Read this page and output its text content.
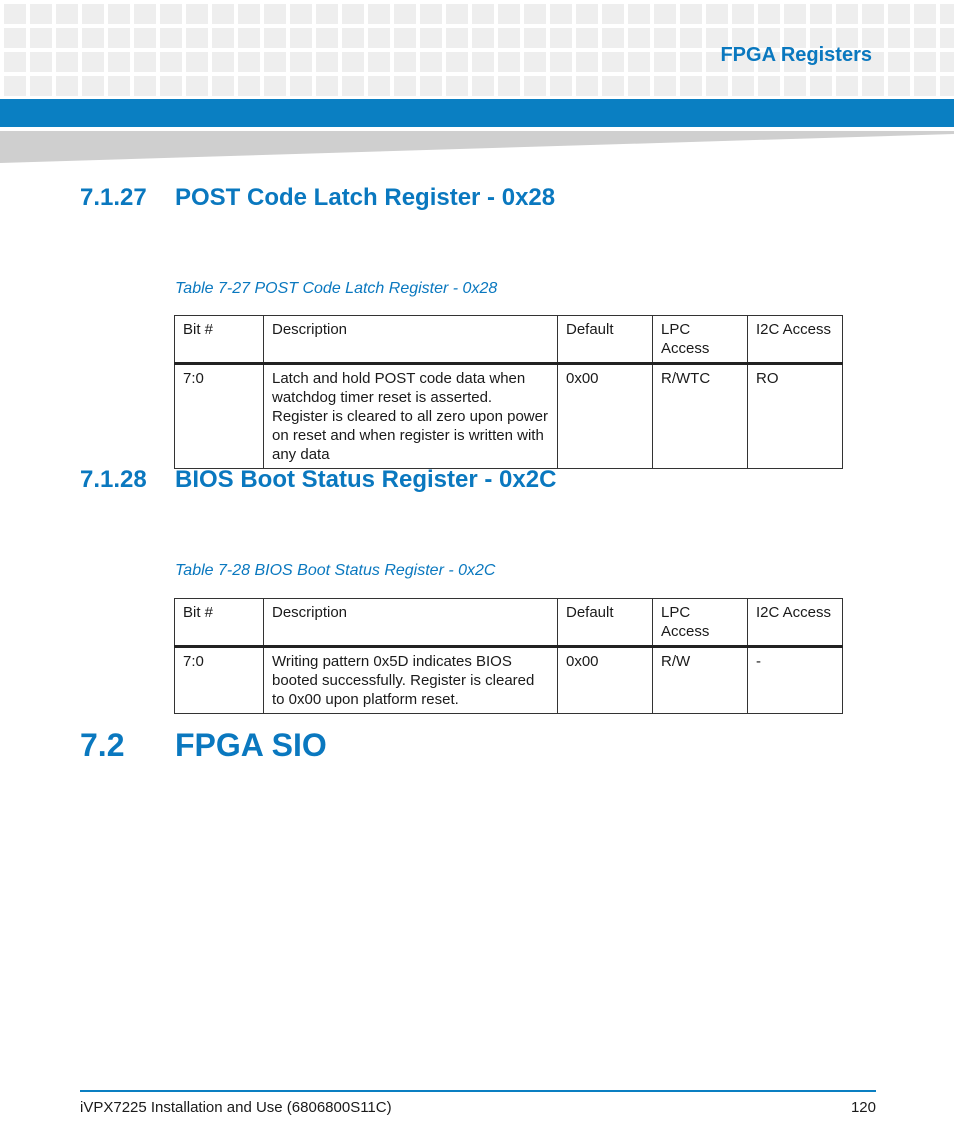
FPGA Registers
7.1.27 POST Code Latch Register - 0x28
Table 7-27 POST Code Latch Register - 0x28
Bit #	Description	Default	LPC Access	I2C Access
7:0	Latch and hold POST code data when watchdog timer reset is asserted. Register is cleared to all zero upon power on reset and when register is written with any data	0x00	R/WTC	RO
7.1.28 BIOS Boot Status Register - 0x2C
Table 7-28 BIOS Boot Status Register - 0x2C
Bit #	Description	Default	LPC Access	I2C Access
7:0	Writing pattern 0x5D indicates BIOS booted successfully. Register is cleared to 0x00 upon platform reset.	0x00	R/W	-
7.2 FPGA SIO
iVPX7225 Installation and Use (6806800S11C)	120
